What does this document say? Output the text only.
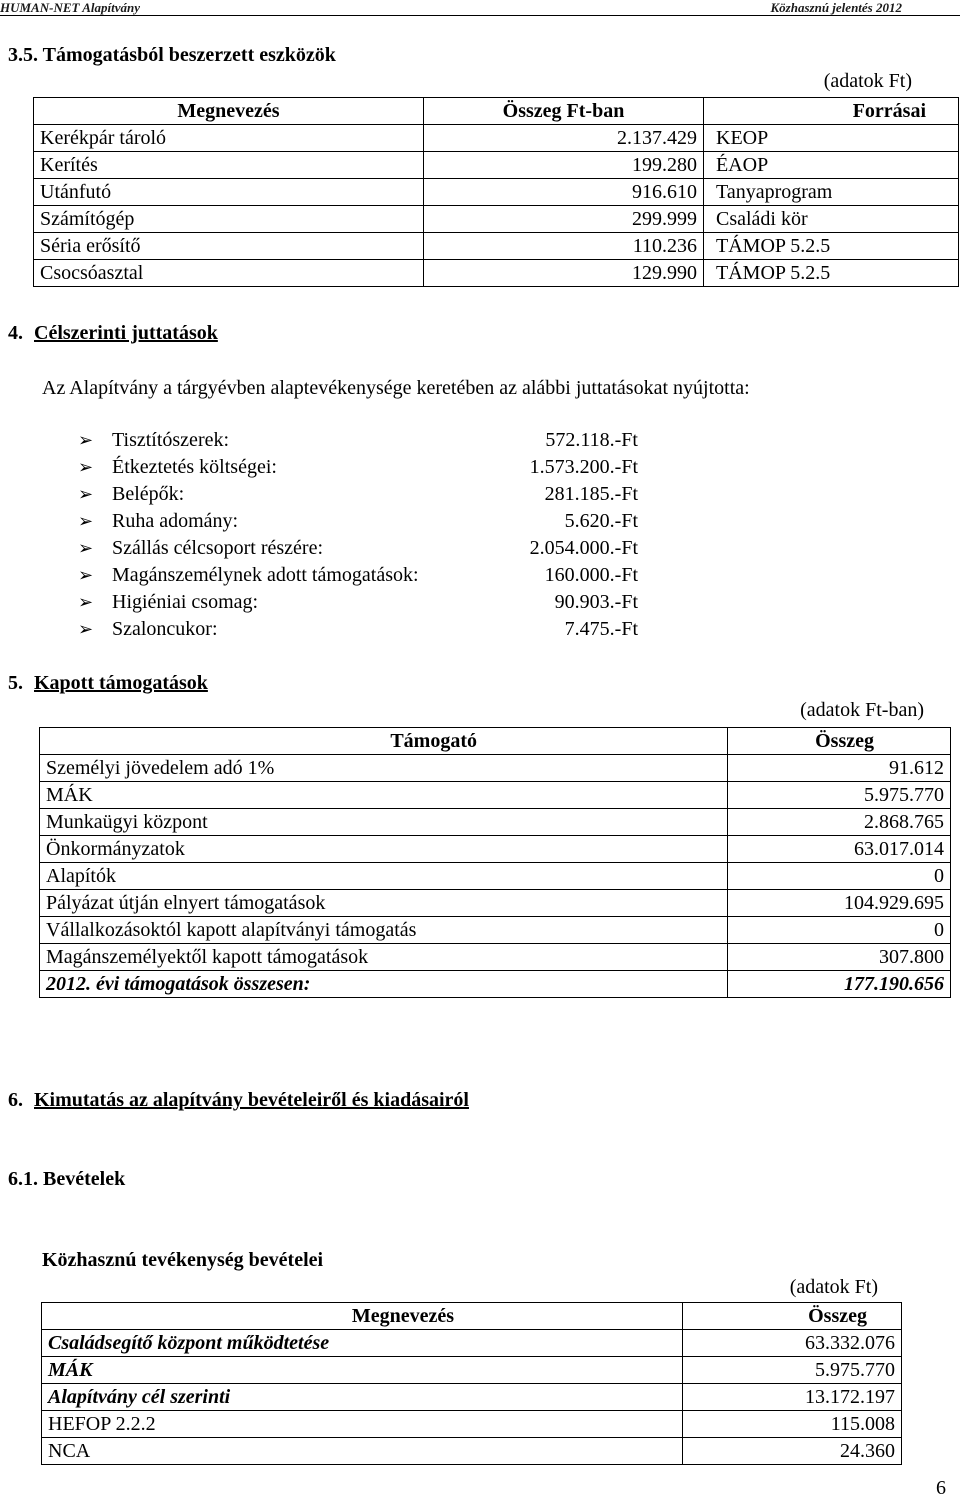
HUMAN-NET Alapítvány	Közhasznú jelentés 2012
3.5. Támogatásból beszerzett eszközök
(adatok Ft)
Megnevezés	Összeg Ft-ban	Forrásai
Kerékpár tároló	2.137.429	KEOP
Kerítés	199.280	ÉAOP
Utánfutó	916.610	Tanyaprogram
Számítógép	299.999	Családi kör
Séria erősítő	110.236	TÁMOP 5.2.5
Csocsóasztal	129.990	TÁMOP 5.2.5
4. Célszerinti juttatások
Az Alapítvány a tárgyévben alaptevékenysége keretében az alábbi juttatásokat nyújtotta:
➢ Tisztítószerek:	572.118.-Ft
➢ Étkeztetés költségei:	1.573.200.-Ft
➢ Belépők:	281.185.-Ft
➢ Ruha adomány:	5.620.-Ft
➢ Szállás célcsoport részére:	2.054.000.-Ft
➢ Magánszemélynek adott támogatások:	160.000.-Ft
➢ Higiéniai csomag:	90.903.-Ft
➢ Szaloncukor:	7.475.-Ft
5. Kapott támogatások
(adatok Ft-ban)
Támogató	Összeg
Személyi jövedelem adó 1%	91.612
MÁK	5.975.770
Munkaügyi központ	2.868.765
Önkormányzatok	63.017.014
Alapítók	0
Pályázat útján elnyert támogatások	104.929.695
Vállalkozásoktól kapott alapítványi támogatás	0
Magánszemélyektől kapott támogatások	307.800
2012. évi támogatások összesen:	177.190.656
6. Kimutatás az alapítvány bevételeiről és kiadásairól
6.1. Bevételek
Közhasznú tevékenység bevételei
(adatok Ft)
Megnevezés	Összeg
Családsegítő központ működtetése	63.332.076
MÁK	5.975.770
Alapítvány cél szerinti	13.172.197
HEFOP 2.2.2	115.008
NCA	24.360
6
